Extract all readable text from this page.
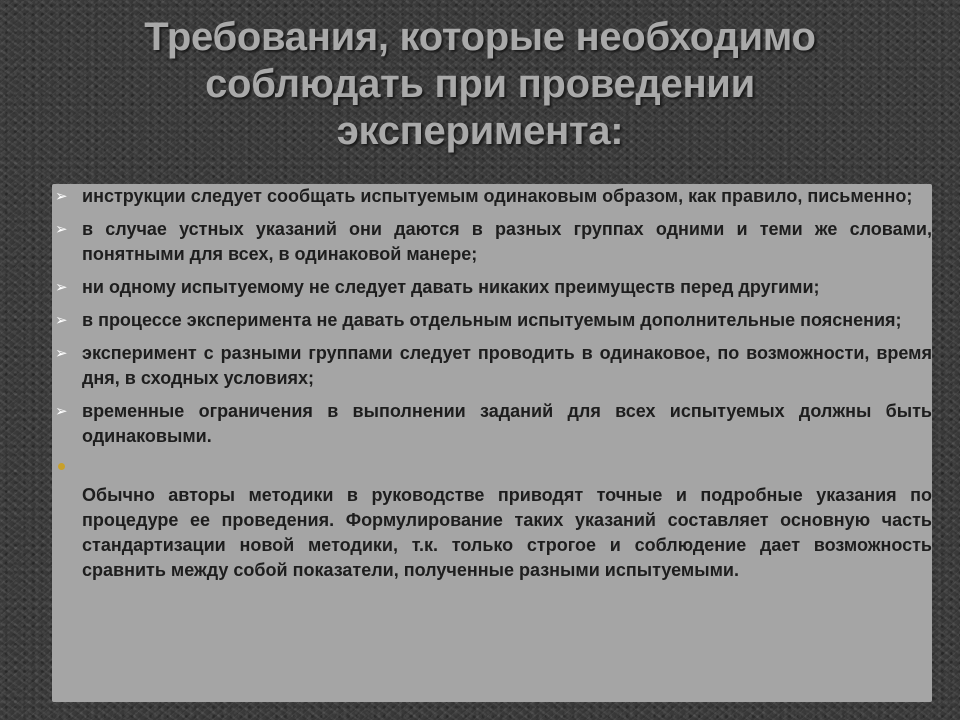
Требования, которые необходимо соблюдать при проведении эксперимента:
➢ инструкции следует сообщать испытуемым одинаковым образом, как правило, письменно;
➢ в случае устных указаний они даются в разных группах одними и теми же словами, понятными для всех, в одинаковой манере;
➢ ни одному испытуемому не следует давать никаких преимуществ перед другими;
➢ в процессе эксперимента не давать отдельным испытуемым дополнительные пояснения;
➢ эксперимент с разными группами следует проводить в одинаковое, по возможности, время дня, в сходных условиях;
➢ временные ограничения в выполнении заданий для всех испытуемых должны быть одинаковыми.
Обычно авторы методики в руководстве приводят точные и подробные указания по процедуре ее проведения. Формулирование таких указаний составляет основную часть стандартизации новой методики, т.к. только строгое и соблюдение дает возможность сравнить между собой показатели, полученные разными испытуемыми.
